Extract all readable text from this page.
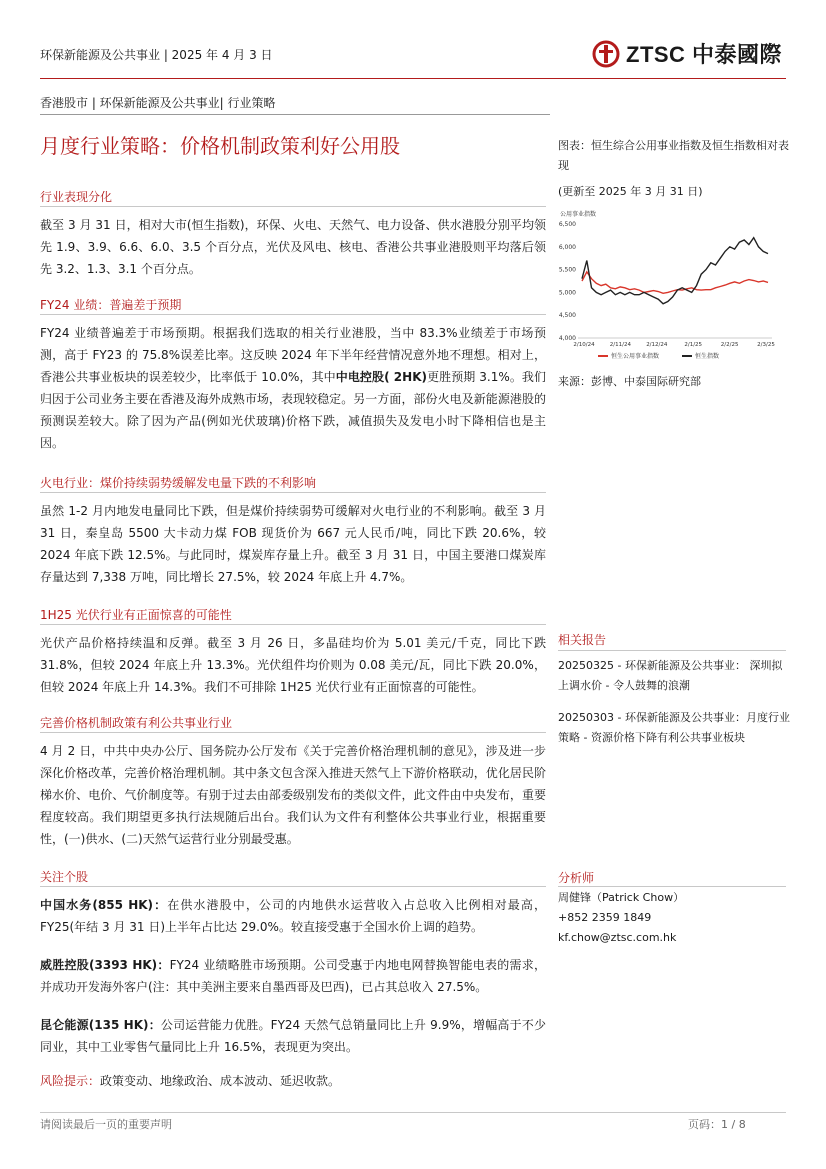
环保新能源及公共事业 | 2025 年 4 月 3 日	ZTSC 中泰國際
香港股市 | 环保新能源及公共事业| 行业策略
月度行业策略：价格机制政策利好公用股
行业表现分化
截至 3 月 31 日，相对大市(恒生指数)，环保、火电、天然气、电力设备、供水港股分别平均领先 1.9、3.9、6.6、6.0、3.5 个百分点，光伏及风电、核电、香港公共事业港股则平均落后领先 3.2、1.3、3.1 个百分点。
FY24 业绩：普遍差于预期
FY24 业绩普遍差于市场预期。根据我们选取的相关行业港股，当中 83.3%业绩差于市场预测，高于 FY23 的 75.8%误差比率。这反映 2024 年下半年经营情况意外地不理想。相对上，香港公共事业板块的误差较少，比率低于 10.0%，其中中电控股( 2HK)更胜预期 3.1%。我们归因于公司业务主要在香港及海外成熟市场，表现较稳定。另一方面，部份火电及新能源港股的预测误差较大。除了因为产品(例如光伏玻璃)价格下跌，减值损失及发电小时下降相信也是主因。
火电行业：煤价持续弱势缓解发电量下跌的不利影响
虽然 1-2 月内地发电量同比下跌，但是煤价持续弱势可缓解对火电行业的不利影响。截至 3 月 31 日，秦皇岛 5500 大卡动力煤 FOB 现货价为 667 元人民币/吨，同比下跌 20.6%，较 2024 年底下跌 12.5%。与此同时，煤炭库存量上升。截至 3 月 31 日，中国主要港口煤炭库存量达到 7,338 万吨，同比增长 27.5%，较 2024 年底上升 4.7%。
1H25 光伏行业有正面惊喜的可能性
光伏产品价格持续温和反弹。截至 3 月 26 日，多晶硅均价为 5.01 美元/千克，同比下跌 31.8%，但较 2024 年底上升 13.3%。光伏组件均价则为 0.08 美元/瓦，同比下跌 20.0%，但较 2024 年底上升 14.3%。我们不可排除 1H25 光伏行业有正面惊喜的可能性。
完善价格机制政策有利公共事业行业
4 月 2 日，中共中央办公厅、国务院办公厅发布《关于完善价格治理机制的意见》，涉及进一步深化价格改革，完善价格治理机制。其中条文包含深入推进天然气上下游价格联动，优化居民阶梯水价、电价、气价制度等。有别于过去由部委级别发布的类似文件，此文件由中央发布，重要程度较高。我们期望更多执行法规随后出台。我们认为文件有利整体公共事业行业，根据重要性，(一)供水、(二)天然气运营行业分别最受惠。
关注个股
中国水务(855 HK)：在供水港股中，公司的内地供水运营收入占总收入比例相对最高，FY25(年结 3 月 31 日)上半年占比达 29.0%。较直接受惠于全国水价上调的趋势。
威胜控股(3393 HK)：FY24 业绩略胜市场预期。公司受惠于内地电网替换智能电表的需求，并成功开发海外客户(注：其中美洲主要来自墨西哥及巴西)，已占其总收入 27.5%。
昆仑能源(135 HK)：公司运营能力优胜。FY24 天然气总销量同比上升 9.9%，增幅高于不少同业，其中工业零售气量同比上升 16.5%，表现更为突出。
风险提示：政策变动、地缘政治、成本波动、延迟收款。
图表：恒生综合公用事业指数及恒生指数相对表现
(更新至 2025 年 3 月 31 日)
公用事业指数
4,000
4,500
5,000
5,500
6,000
6,500
2/10/24	2/11/24	2/12/24	2/1/25	2/2/25	2/3/25
恒生公用事业指数	恒生指数
来源：彭博、中泰国际研究部
相关报告
20250325 - 环保新能源及公共事业： 深圳拟上调水价 - 令人鼓舞的浪潮
20250303 - 环保新能源及公共事业：月度行业策略 - 资源价格下降有利公共事业板块
分析师
周健锋（Patrick Chow）
+852 2359 1849
kf.chow@ztsc.com.hk
请阅读最后一页的重要声明	页码：1 / 8
